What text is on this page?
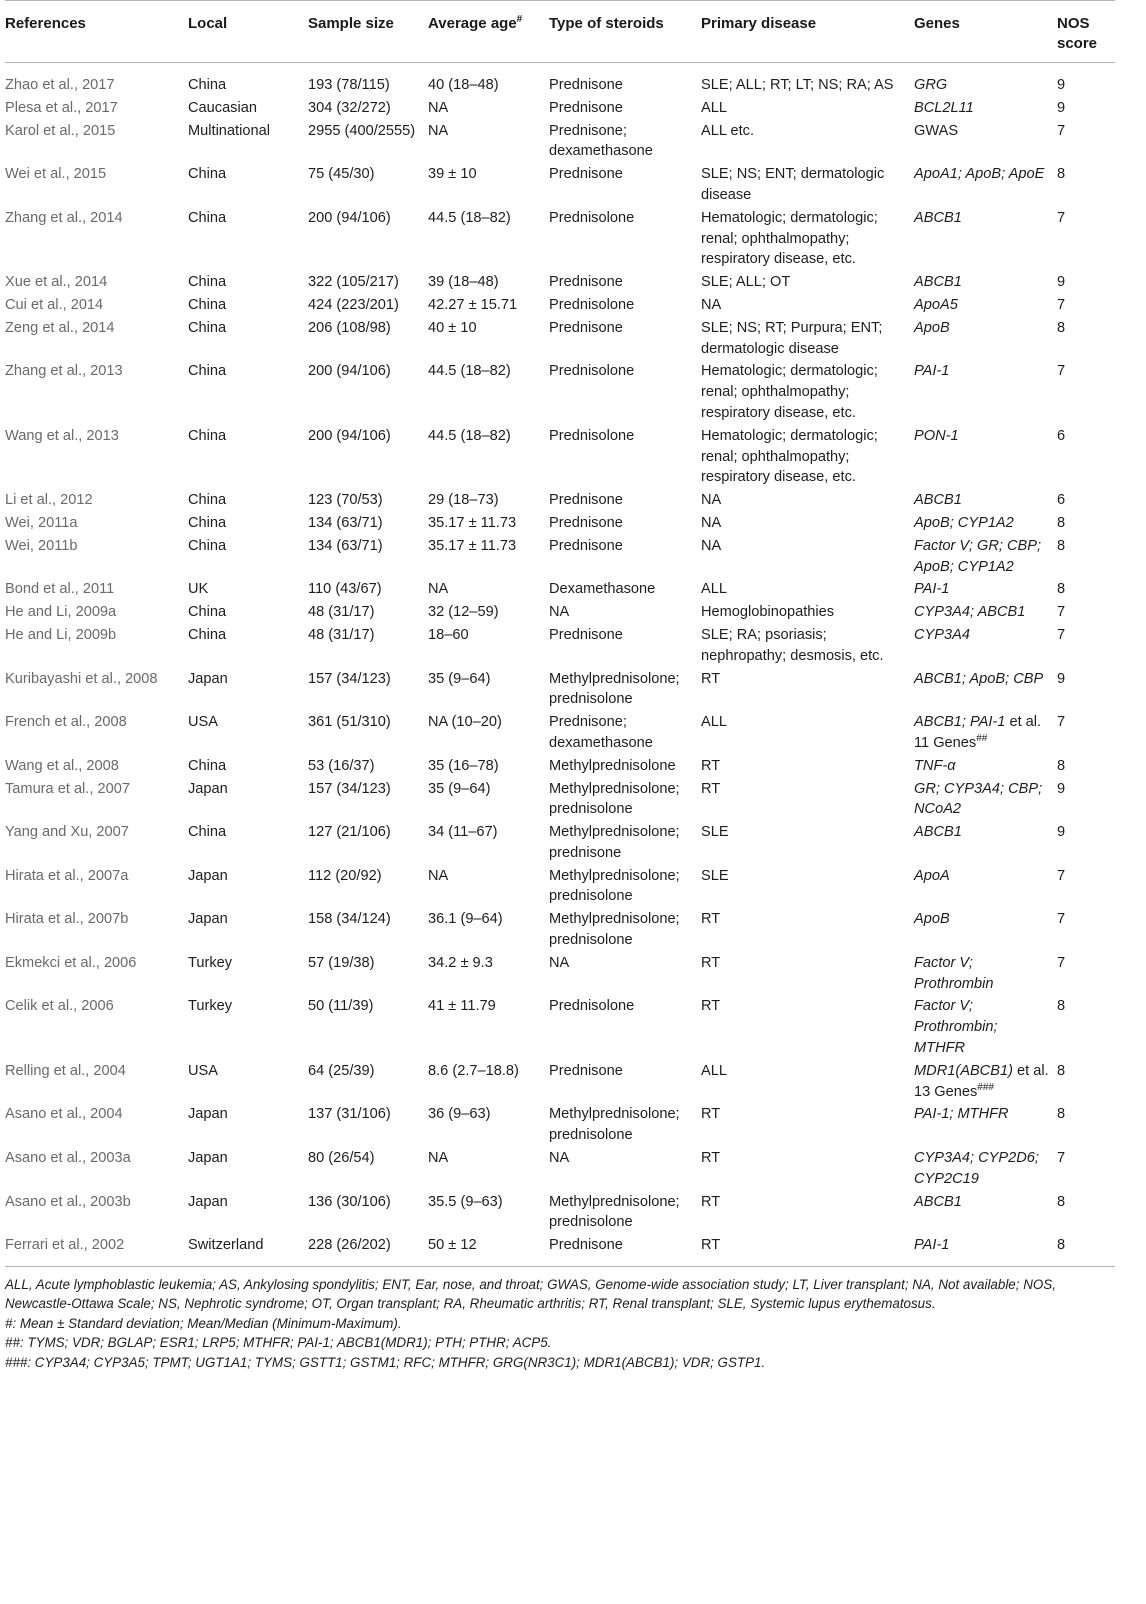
References	Local	Sample size	Average age#	Type of steroids	Primary disease	Genes	NOS score
Zhao et al., 2017	China	193 (78/115)	40 (18–48)	Prednisone	SLE; ALL; RT; LT; NS; RA; AS	GRG	9
Plesa et al., 2017	Caucasian	304 (32/272)	NA	Prednisone	ALL	BCL2L11	9
Karol et al., 2015	Multinational	2955 (400/2555)	NA	Prednisone; dexamethasone	ALL etc.	GWAS	7
Wei et al., 2015	China	75 (45/30)	39 ± 10	Prednisone	SLE; NS; ENT; dermatologic disease	ApoA1; ApoB; ApoE	8
Zhang et al., 2014	China	200 (94/106)	44.5 (18–82)	Prednisolone	Hematologic; dermatologic; renal; ophthalmopathy; respiratory disease, etc.	ABCB1	7
Xue et al., 2014	China	322 (105/217)	39 (18–48)	Prednisone	SLE; ALL; OT	ABCB1	9
Cui et al., 2014	China	424 (223/201)	42.27 ± 15.71	Prednisolone	NA	ApoA5	7
Zeng et al., 2014	China	206 (108/98)	40 ± 10	Prednisone	SLE; NS; RT; Purpura; ENT; dermatologic disease	ApoB	8
Zhang et al., 2013	China	200 (94/106)	44.5 (18–82)	Prednisolone	Hematologic; dermatologic; renal; ophthalmopathy; respiratory disease, etc.	PAI-1	7
Wang et al., 2013	China	200 (94/106)	44.5 (18–82)	Prednisolone	Hematologic; dermatologic; renal; ophthalmopathy; respiratory disease, etc.	PON-1	6
Li et al., 2012	China	123 (70/53)	29 (18–73)	Prednisone	NA	ABCB1	6
Wei, 2011a	China	134 (63/71)	35.17 ± 11.73	Prednisone	NA	ApoB; CYP1A2	8
Wei, 2011b	China	134 (63/71)	35.17 ± 11.73	Prednisone	NA	Factor V; GR; CBP; ApoB; CYP1A2	8
Bond et al., 2011	UK	110 (43/67)	NA	Dexamethasone	ALL	PAI-1	8
He and Li, 2009a	China	48 (31/17)	32 (12–59)	NA	Hemoglobinopathies	CYP3A4; ABCB1	7
He and Li, 2009b	China	48 (31/17)	18–60	Prednisone	SLE; RA; psoriasis; nephropathy; desmosis, etc.	CYP3A4	7
Kuribayashi et al., 2008	Japan	157 (34/123)	35 (9–64)	Methylprednisolone; prednisolone	RT	ABCB1; ApoB; CBP	9
French et al., 2008	USA	361 (51/310)	NA (10–20)	Prednisone; dexamethasone	ALL	ABCB1; PAI-1 et al. 11 Genes##	7
Wang et al., 2008	China	53 (16/37)	35 (16–78)	Methylprednisolone	RT	TNF-α	8
Tamura et al., 2007	Japan	157 (34/123)	35 (9–64)	Methylprednisolone; prednisolone	RT	GR; CYP3A4; CBP; NCoA2	9
Yang and Xu, 2007	China	127 (21/106)	34 (11–67)	Methylprednisolone; prednisone	SLE	ABCB1	9
Hirata et al., 2007a	Japan	112 (20/92)	NA	Methylprednisolone; prednisolone	SLE	ApoA	7
Hirata et al., 2007b	Japan	158 (34/124)	36.1 (9–64)	Methylprednisolone; prednisolone	RT	ApoB	7
Ekmekci et al., 2006	Turkey	57 (19/38)	34.2 ± 9.3	NA	RT	Factor V; Prothrombin	7
Celik et al., 2006	Turkey	50 (11/39)	41 ± 11.79	Prednisolone	RT	Factor V; Prothrombin; MTHFR	8
Relling et al., 2004	USA	64 (25/39)	8.6 (2.7–18.8)	Prednisone	ALL	MDR1(ABCB1) et al. 13 Genes###	8
Asano et al., 2004	Japan	137 (31/106)	36 (9–63)	Methylprednisolone; prednisolone	RT	PAI-1; MTHFR	8
Asano et al., 2003a	Japan	80 (26/54)	NA	NA	RT	CYP3A4; CYP2D6; CYP2C19	7
Asano et al., 2003b	Japan	136 (30/106)	35.5 (9–63)	Methylprednisolone; prednisolone	RT	ABCB1	8
Ferrari et al., 2002	Switzerland	228 (26/202)	50 ± 12	Prednisone	RT	PAI-1	8

ALL, Acute lymphoblastic leukemia; AS, Ankylosing spondylitis; ENT, Ear, nose, and throat; GWAS, Genome-wide association study; LT, Liver transplant; NA, Not available; NOS, Newcastle-Ottawa Scale; NS, Nephrotic syndrome; OT, Organ transplant; RA, Rheumatic arthritis; RT, Renal transplant; SLE, Systemic lupus erythematosus.

#: Mean ± Standard deviation; Mean/Median (Minimum-Maximum).

##: TYMS; VDR; BGLAP; ESR1; LRP5; MTHFR; PAI-1; ABCB1(MDR1); PTH; PTHR; ACP5.

###: CYP3A4; CYP3A5; TPMT; UGT1A1; TYMS; GSTT1; GSTM1; RFC; MTHFR; GRG(NR3C1); MDR1(ABCB1); VDR; GSTP1.
